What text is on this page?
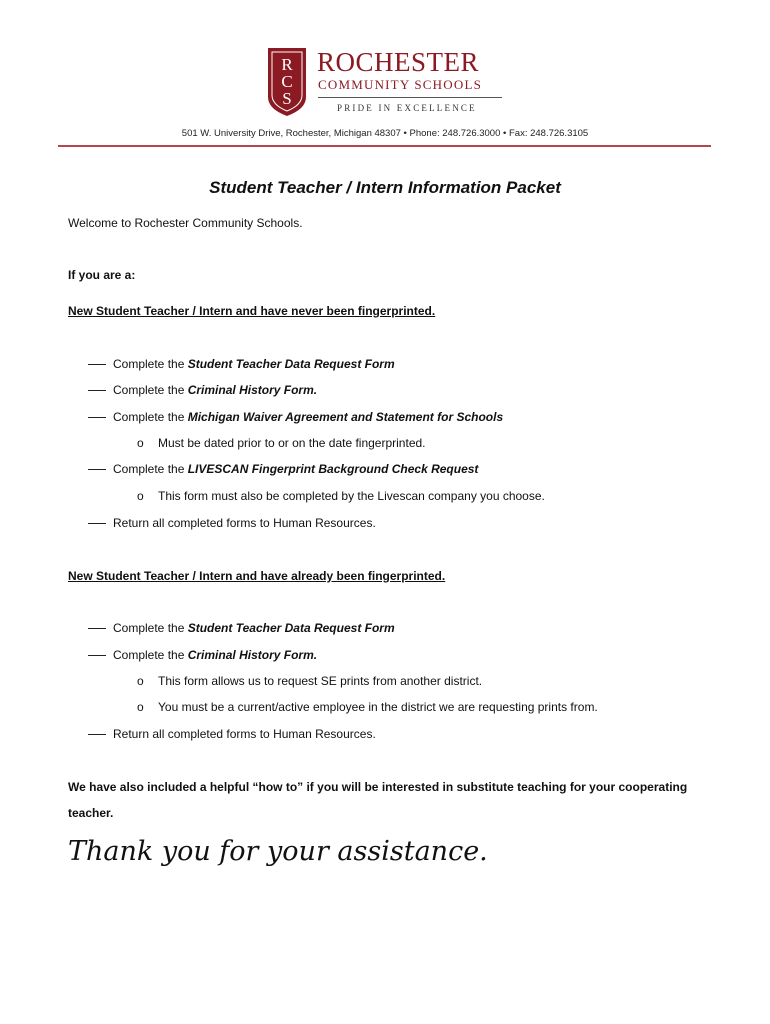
R
C
S
ROCHESTER
COMMUNITY SCHOOLS
PRIDE IN EXCELLENCE
501 W. University Drive, Rochester, Michigan 48307 • Phone: 248.726.3000 • Fax: 248.726.3105
Student Teacher / Intern Information Packet
Welcome to Rochester Community Schools.
If you are a:
New Student Teacher / Intern and have never been fingerprinted.
Complete the Student Teacher Data Request Form
Complete the Criminal History Form.
Complete the Michigan Waiver Agreement and Statement for Schools
o Must be dated prior to or on the date fingerprinted.
Complete the LIVESCAN Fingerprint Background Check Request
o This form must also be completed by the Livescan company you choose.
Return all completed forms to Human Resources.
New Student Teacher / Intern and have already been fingerprinted.
Complete the Student Teacher Data Request Form
Complete the Criminal History Form.
o This form allows us to request SE prints from another district.
o You must be a current/active employee in the district we are requesting prints from.
Return all completed forms to Human Resources.
We have also included a helpful “how to” if you will be interested in substitute teaching for your cooperating
teacher.
Thank you for your assistance.
